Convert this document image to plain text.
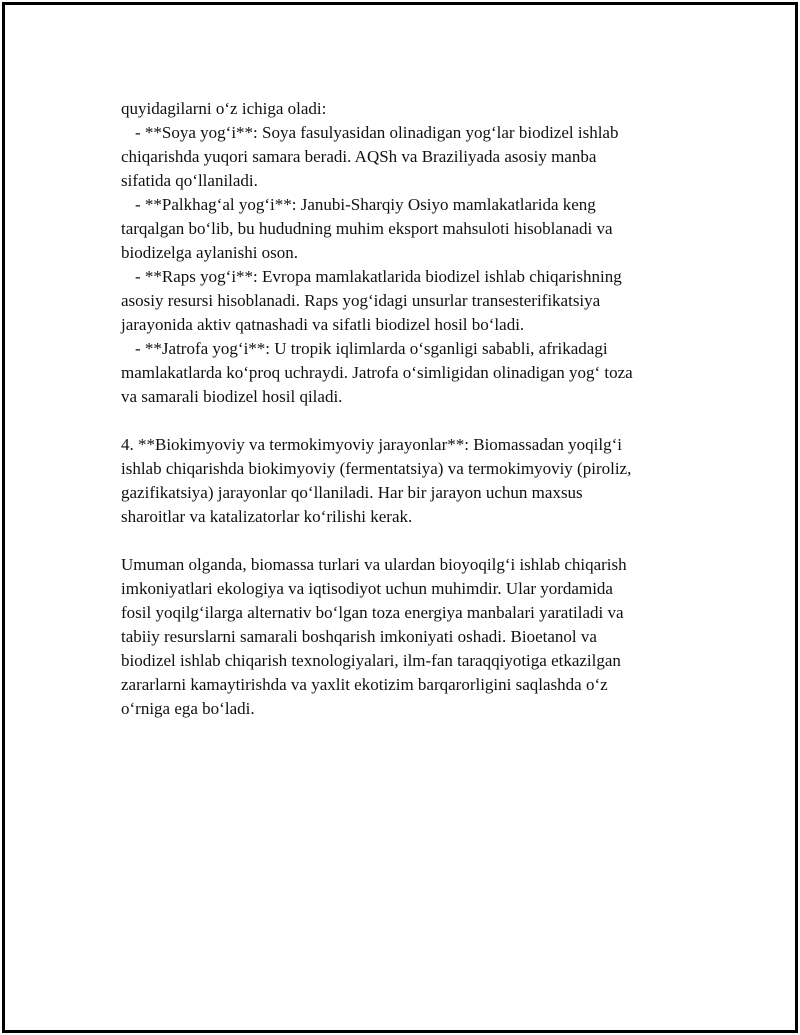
quyidagilarni o‘z ichiga oladi:
- **Soya yog‘i**: Soya fasulyasidan olinadigan yog‘lar biodizel ishlab
chiqarishda yuqori samara beradi. AQSh va Braziliyada asosiy manba
sifatida qo‘llaniladi.
- **Palkhag‘al yog‘i**: Janubi-Sharqiy Osiyo mamlakatlarida keng
tarqalgan bo‘lib, bu hududning muhim eksport mahsuloti hisoblanadi va
biodizelga aylanishi oson.
- **Raps yog‘i**: Evropa mamlakatlarida biodizel ishlab chiqarishning
asosiy resursi hisoblanadi. Raps yog‘idagi unsurlar transesterifikatsiya
jarayonida aktiv qatnashadi va sifatli biodizel hosil bo‘ladi.
- **Jatrofa yog‘i**: U tropik iqlimlarda o‘sganligi sababli, afrikadagi
mamlakatlarda ko‘proq uchraydi. Jatrofa o‘simligidan olinadigan yog‘ toza
va samarali biodizel hosil qiladi.
4. **Biokimyoviy va termokimyoviy jarayonlar**: Biomassadan yoqilg‘i
ishlab chiqarishda biokimyoviy (fermentatsiya) va termokimyoviy (piroliz,
gazifikatsiya) jarayonlar qo‘llaniladi. Har bir jarayon uchun maxsus
sharoitlar va katalizatorlar ko‘rilishi kerak.
Umuman olganda, biomassa turlari va ulardan bioyoqilg‘i ishlab chiqarish
imkoniyatlari ekologiya va iqtisodiyot uchun muhimdir. Ular yordamida
fosil yoqilg‘ilarga alternativ bo‘lgan toza energiya manbalari yaratiladi va
tabiiy resurslarni samarali boshqarish imkoniyati oshadi. Bioetanol va
biodizel ishlab chiqarish texnologiyalari, ilm-fan taraqqiyotiga etkazilgan
zararlarni kamaytirishda va yaxlit ekotizim barqarorligini saqlashda o‘z
o‘rniga ega bo‘ladi.
